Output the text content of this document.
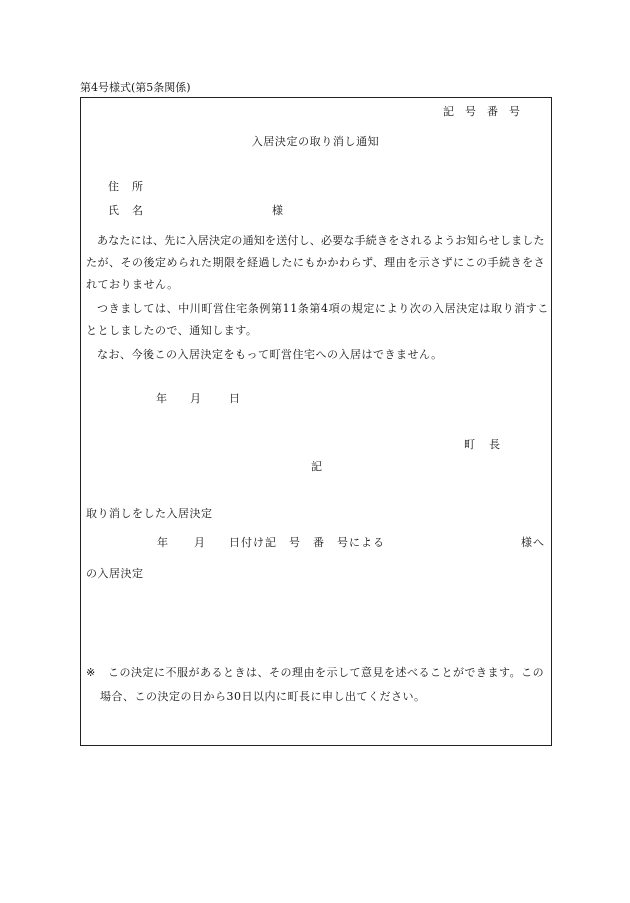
第4号様式(第5条関係)
記　号　番　号
入居決定の取り消し通知
住　所
氏　名	様
あなたには、先に入居決定の通知を送付し、必要な手続きをされるようお知らせしました
たが、その後定められた期限を経過したにもかかわらず、理由を示さずにこの手続きをさ
れておりません。
つきましては、中川町営住宅条例第11条第4項の規定により次の入居決定は取り消すこ
ととしましたので、通知します。
なお、今後この入居決定をもって町営住宅への入居はできません。
年 月	日
町　長
記
取り消しをした入居決定
年 月 日付け記　号　番　号による	様へ
の入居決定
※ この決定に不服があるときは、その理由を示して意見を述べることができます。この
場合、この決定の日から30日以内に町長に申し出てください。
